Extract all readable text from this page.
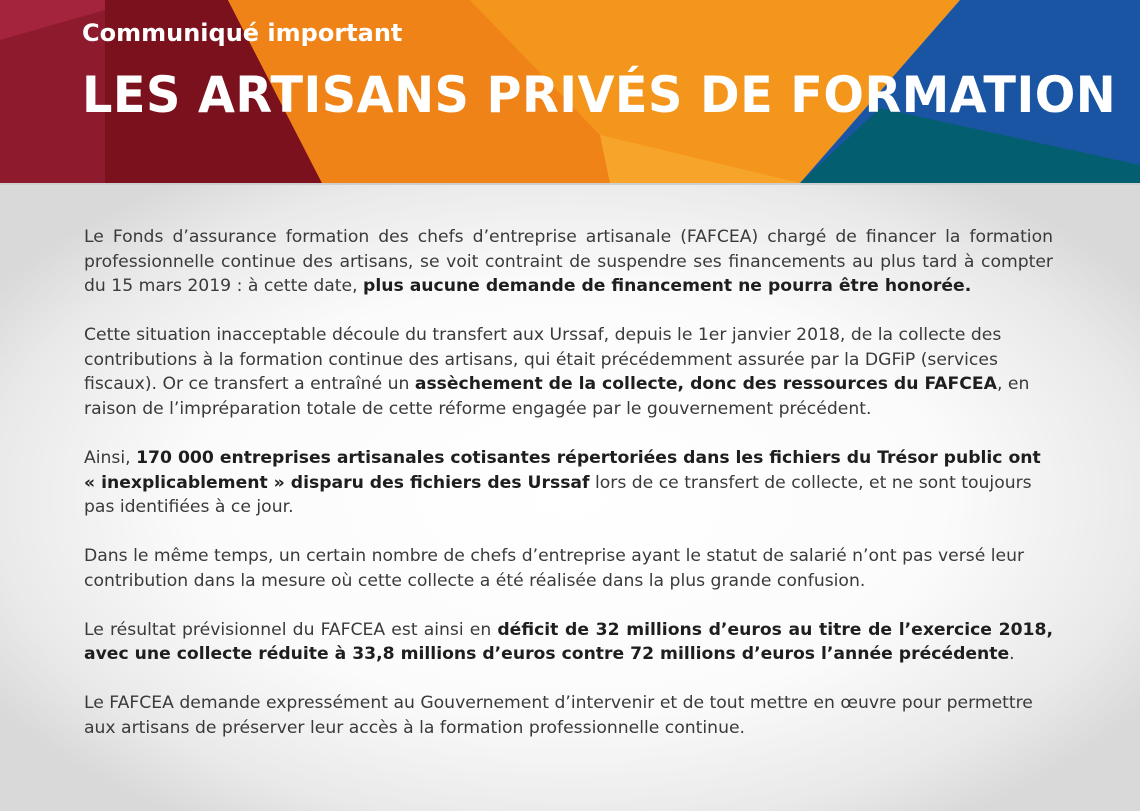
Communiqué important
LES ARTISANS PRIVÉS DE FORMATION

Le Fonds d’assurance formation des chefs d’entreprise artisanale (FAFCEA) chargé de financer la formation professionnelle continue des artisans, se voit contraint de suspendre ses financements au plus tard à compter du 15 mars 2019 : à cette date, plus aucune demande de financement ne pourra être honorée.

Cette situation inacceptable découle du transfert aux Urssaf, depuis le 1er janvier 2018, de la collecte des contributions à la formation continue des artisans, qui était précédemment assurée par la DGFiP (services fiscaux). Or ce transfert a entraîné un assèchement de la collecte, donc des ressources du FAFCEA, en raison de l’impréparation totale de cette réforme engagée par le gouvernement précédent.

Ainsi, 170 000 entreprises artisanales cotisantes répertoriées dans les fichiers du Trésor public ont « inexplicablement » disparu des fichiers des Urssaf lors de ce transfert de collecte, et ne sont toujours pas identifiées à ce jour.

Dans le même temps, un certain nombre de chefs d’entreprise ayant le statut de salarié n’ont pas versé leur contribution dans la mesure où cette collecte a été réalisée dans la plus grande confusion.

Le résultat prévisionnel du FAFCEA est ainsi en déficit de 32 millions d’euros au titre de l’exercice 2018, avec une collecte réduite à 33,8 millions d’euros contre 72 millions d’euros l’année précédente.

Le FAFCEA demande expressément au Gouvernement d’intervenir et de tout mettre en œuvre pour permettre aux artisans de préserver leur accès à la formation professionnelle continue.
